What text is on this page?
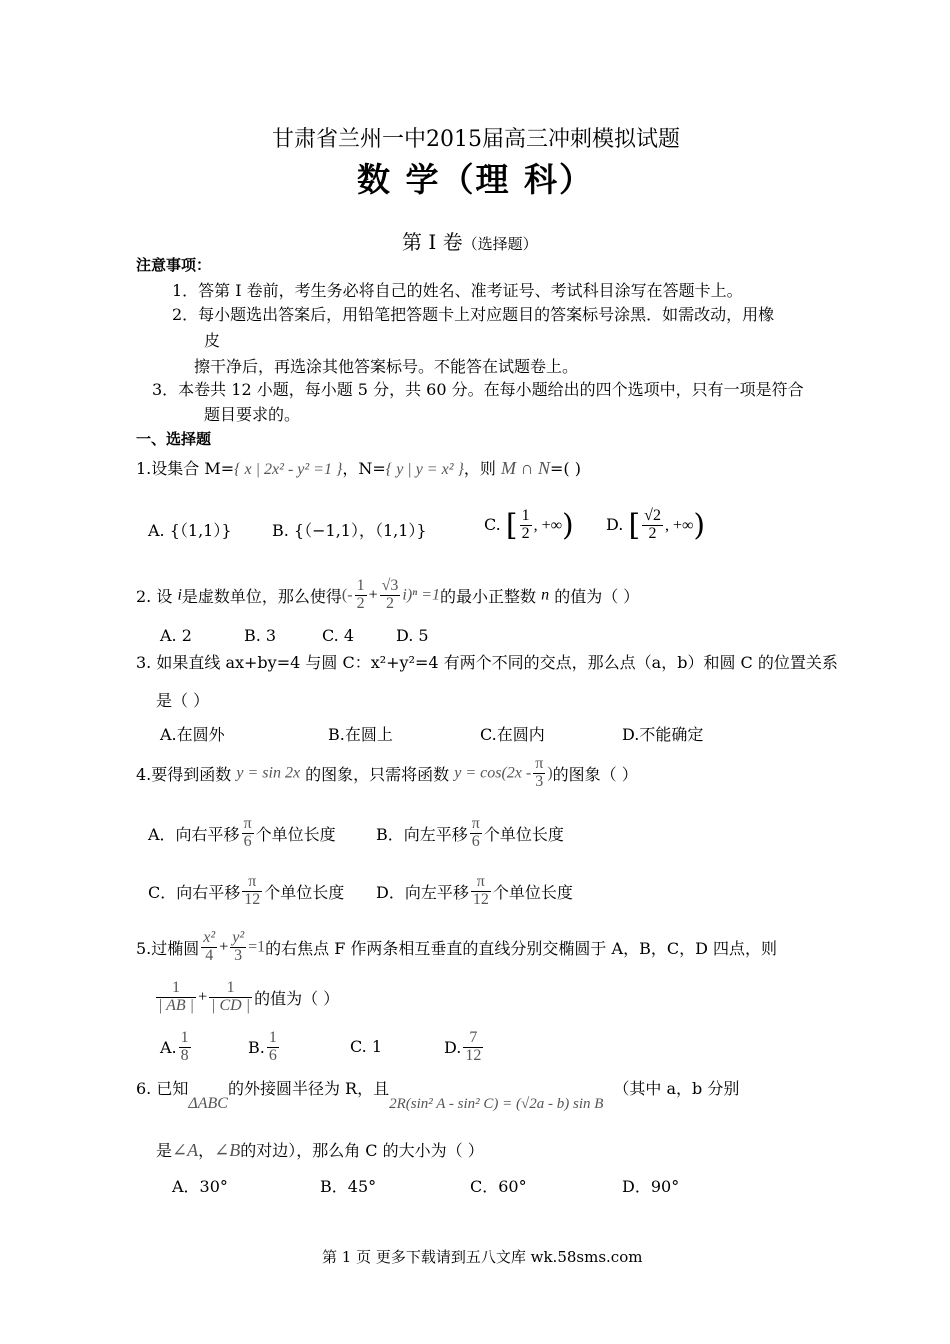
甘肃省兰州一中2015届高三冲刺模拟试题
数 学（理 科）
第 I 卷（选择题）
注意事项：
1．答第 I 卷前，考生务必将自己的姓名、准考证号、考试科目涂写在答题卡上。
2．每小题选出答案后，用铅笔把答题卡上对应题目的答案标号涂黑．如需改动，用橡
皮
擦干净后，再选涂其他答案标号。不能答在试题卷上。
3．本卷共 12 小题，每小题 5 分，共 60 分。在每小题给出的四个选项中，只有一项是符合
题目要求的。
一、选择题
1.设集合 M={ x | 2x² - y² =1 }，N={ y | y = x² }，则 M ∩ N=( )
A. {（1,1）}	B. {（−1,1），（1,1）}	C. [ $\frac{1}{2}$ , +∞) D. [ $\frac{√2}{2}$ , +∞)
2. 设 i是虚数单位，那么使得(- $\frac{1}{2} + \frac{√3}{2} i)^n =1$的最小正整数 n 的值为（ ）
A. 2	B. 3	C. 4	D. 5
3. 如果直线 ax+by=4 与圆 C：x²+y²=4 有两个不同的交点，那么点（a，b）和圆 C 的位置关系
是（ ）
A.在圆外	B.在圆上	C.在圆内	D.不能确定
4.要得到函数 y = sin 2x 的图象，只需将函数 $y = \cos(2x - \frac{\pi}{3}$ )的图象（ ）
A．向右平移 $\frac{\pi}{6}$ 个单位长度	B．向左平移 $\frac{\pi}{6}$ 个单位长度
C．向右平移 $\frac{\pi}{12}$ 个单位长度 D．向左平移 $\frac{\pi}{12}$ 个单位长度
5.过椭圆 $\frac{\text{x²}}{4} + \frac{\text{y²}}{3} =1$的右焦点 F 作两条相互垂直的直线分别交椭圆于 A，B，C，D 四点，则
$\frac{1}{| AB |} + \frac{1}{| CD |}$ 的值为（ ）
A. $\frac{1}{8}$	B. $\frac{1}{6}$	C. 1	D. $\frac{7}{12}$
6. 已知ΔABC的外接圆半径为 R，且2R(sin² A - sin² C) = (√2a - b) sin B（其中 a，b 分别
是∠A，∠B的对边），那么角 C 的大小为（ ）
A．30°	B．45°	C．60°	D．90°
第 1 页 更多下载请到五八文库 wk.58sms.com
